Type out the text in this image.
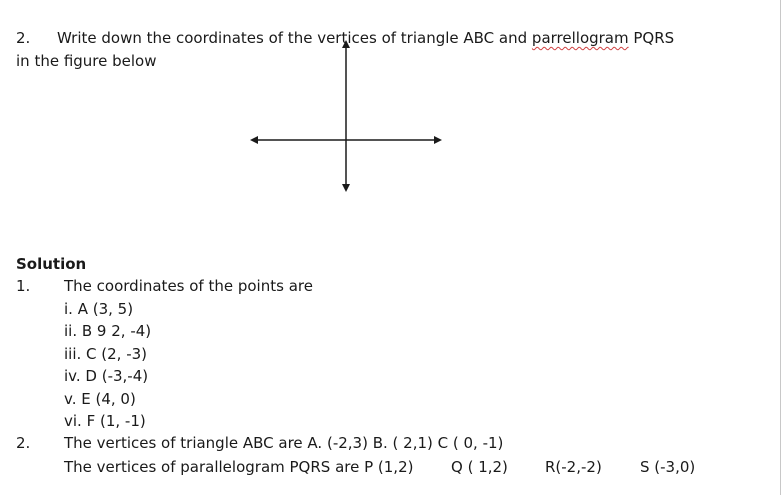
2. Write down the coordinates of the vertices of triangle ABC and parrellogram PQRS
in the figure below
Solution
1. The coordinates of the points are
i. A (3, 5)
ii. B 9 2, -4)
iii. C (2, -3)
iv. D (-3,-4)
v. E (4, 0)
vi. F (1, -1)
2. The vertices of triangle ABC are A. (-2,3) B. ( 2,1) C ( 0, -1)
The vertices of parallelogram PQRS are P (1,2)	Q ( 1,2) R(-2,-2)	S (-3,0)
